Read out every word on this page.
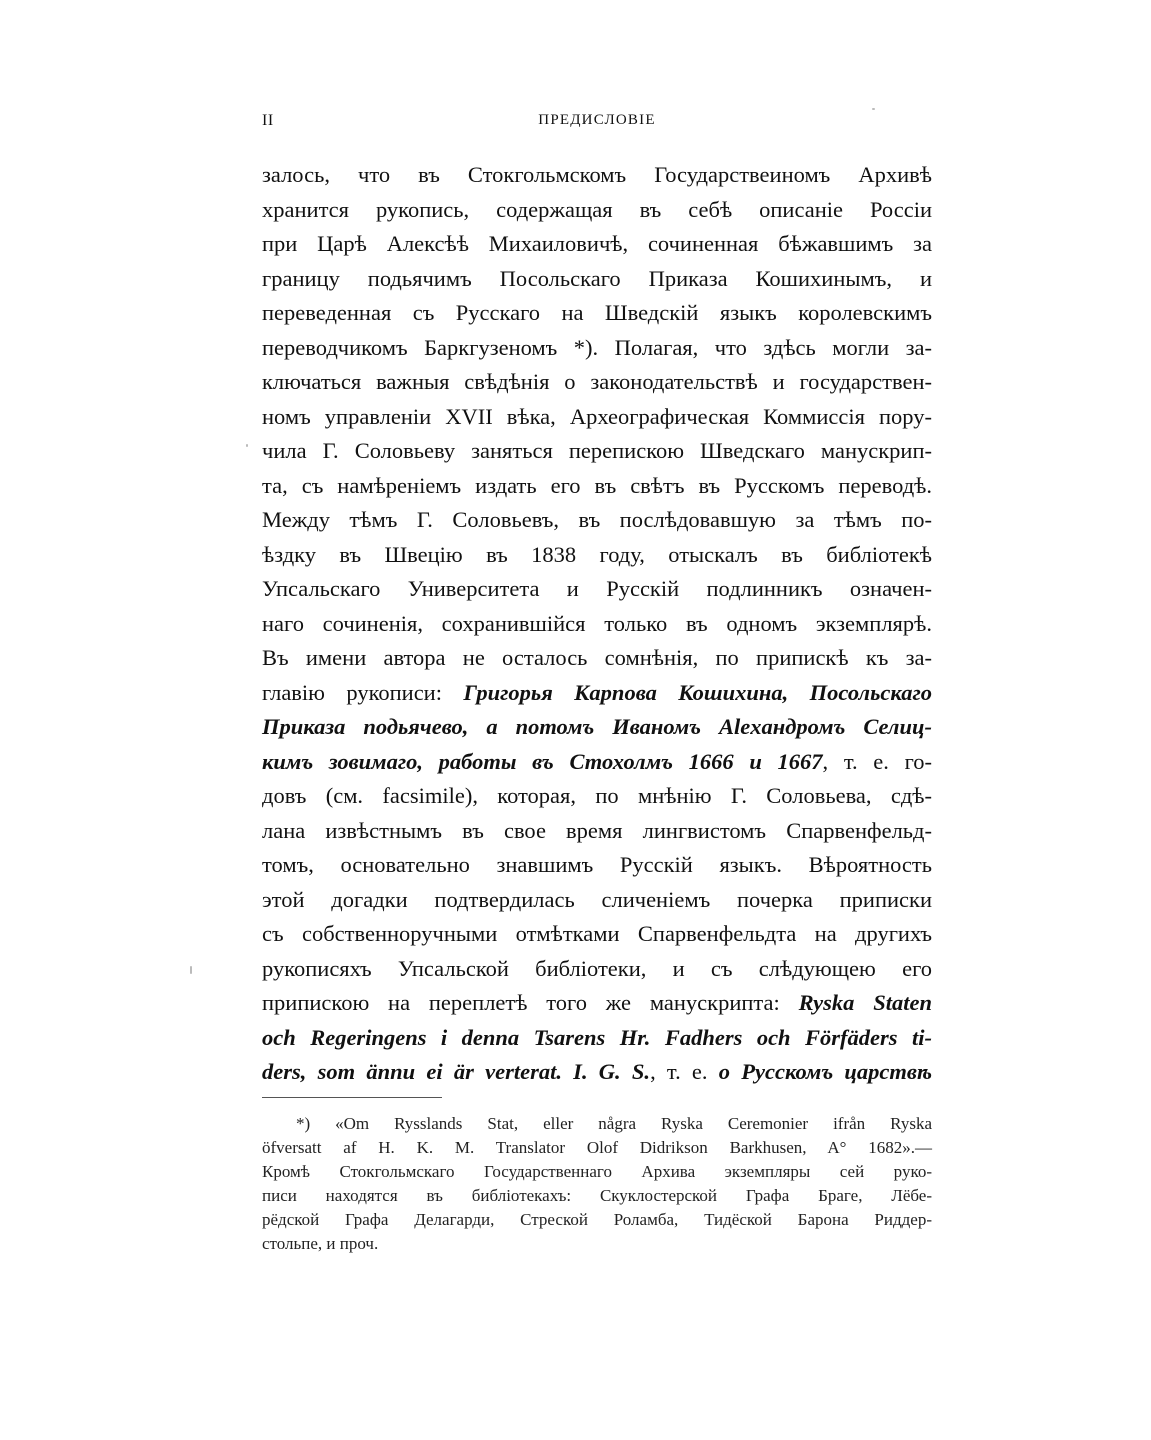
II	ПРЕДИСЛОВІЕ
залось, что въ Стокгольмскомъ Государствеиномъ Архивѣ
хранится рукопись, содержащая въ себѣ описаніе Россіи
при Царѣ Алексѣѣ Михаиловичѣ, сочиненная бѣжавшимъ за
границу подьячимъ Посольскаго Приказа Кошихинымъ, и
переведенная съ Русскаго на Шведскій языкъ королевскимъ
переводчикомъ Баркгузеномъ *). Полагая, что здѣсь могли за-
ключаться важныя свѣдѣнія о законодательствѣ и государствен-
номъ управленіи XVII вѣка, Археографическая Коммиссія пору-
чила Г. Соловьеву заняться перепискою Шведскаго манускрип-
та, съ намѣреніемъ издать его въ свѣтъ въ Русскомъ переводѣ.
Между тѣмъ Г. Соловьевъ, въ послѣдовавшую за тѣмъ по-
ѣздку въ Швецію въ 1838 году, отыскалъ въ библіотекѣ
Упсальскаго Университета и Русскій подлинникъ означен-
наго сочиненія, сохранившійся только въ одномъ экземплярѣ.
Въ имени автора не осталось сомнѣнія, по припискѣ къ за-
главію рукописи: Григорья Карпова Кошихина, Посольскаго
Приказа подьячево, а потомъ Иваномъ Аlexандромъ Селиц-
кимъ зовимаго, работы въ Стохолмъ 1666 и 1667, т. е. го-
довъ (см. facsimile), которая, по мнѣнію Г. Соловьева, сдѣ-
лана извѣстнымъ въ свое время лингвистомъ Спарвенфельд-
томъ, основательно знавшимъ Русскій языкъ. Вѣроятность
этой догадки подтвердилась сличеніемъ почерка приписки
съ собственноручными отмѣтками Спарвенфельдта на другихъ
рукописяхъ Упсальской библіотеки, и съ слѣдующею его
припискою на переплетѣ того же манускрипта: Ryska Staten
och Regeringens i denna Tsarens Hr. Fadhers och Förfäders ti-
ders, som ännu ei är verterat. I. G. S., т. е. о Русскомъ царствѣ
*) «Om Rysslands Stat, eller några Ryska Ceremonier ifrån Ryska
öfversatt af H. K. M. Translator Olof Didrikson Barkhusen, A° 1682».—
Кромѣ Стокгольмскаго Государственнаго Архива экземпляры сей руко-
писи находятся въ библіотекахъ: Скуклостерской Графа Браге, Лёбе-
рёдской Графа Делагарди, Стреской Роламба, Тидёской Барона Риддер-
стольпе, и проч.
